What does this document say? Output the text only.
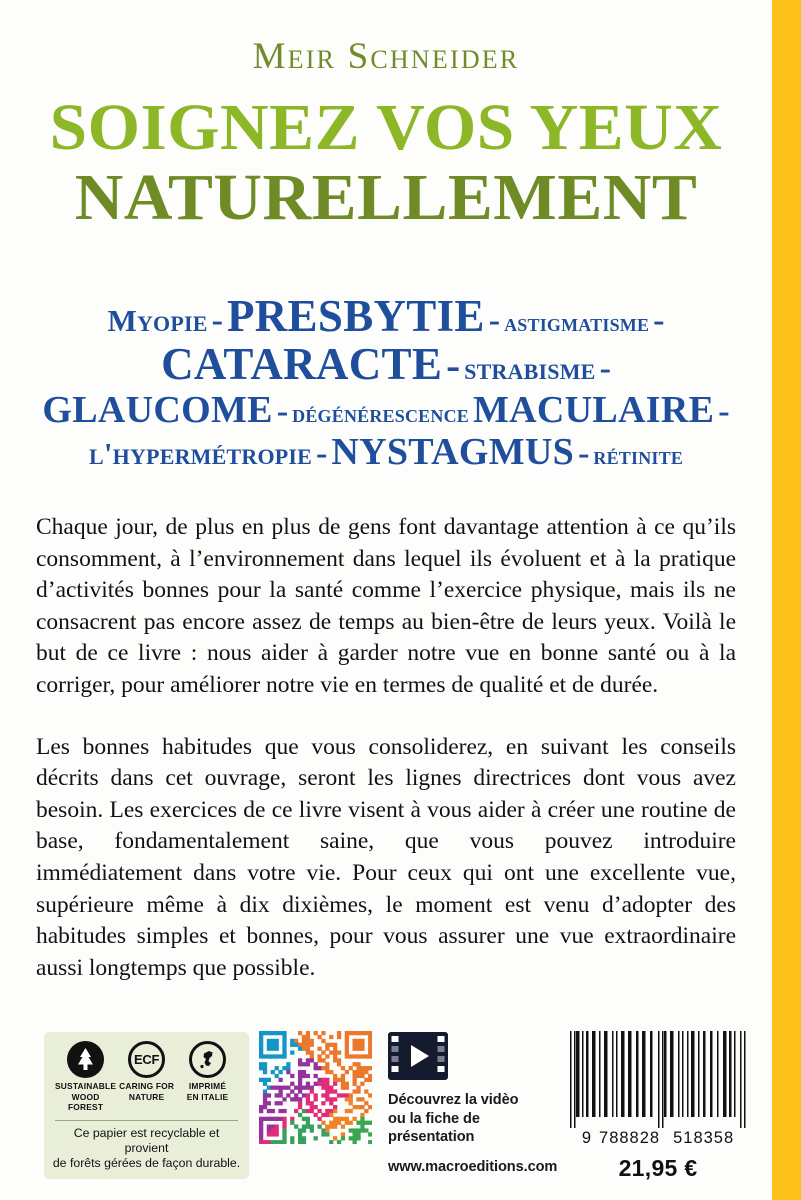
Meir Schneider
SOIGNEZ VOS YEUX
NATURELLEMENT
Myopie - PRESBYTIE - astigmatisme -
CATARACTE - strabisme -
GLAUCOME - dégénérescence MACULAIRE -
l'hypermétropie - NYSTAGMUS - rétinite

Chaque jour, de plus en plus de gens font davantage attention à ce qu’ils consomment, à l’environnement dans lequel ils évoluent et à la pratique d’activités bonnes pour la santé comme l’exercice physique, mais ils ne consacrent pas encore assez de temps au bien-être de leurs yeux. Voilà le but de ce livre : nous aider à garder notre vue en bonne santé ou à la corriger, pour améliorer notre vie en termes de qualité et de durée.

Les bonnes habitudes que vous consoliderez, en suivant les conseils décrits dans cet ouvrage, seront les lignes directrices dont vous avez besoin. Les exercices de ce livre visent à vous aider à créer une routine de base, fondamentalement saine, que vous pouvez introduire immédiatement dans votre vie. Pour ceux qui ont une excellente vue, supérieure même à dix dixièmes, le moment est venu d’adopter des habitudes simples et bonnes, pour vous assurer une vue extraordinaire aussi longtemps que possible.

SUSTAINABLE
WOOD FOREST
ECF
CARING FOR
NATURE
IMPRIMÉ
EN ITALIE
Ce papier est recyclable et provient
de forêts gérées de façon durable.
Découvrez la vidèo
ou la fiche de présentation
www.macroeditions.com
9 788828 518358
21,95 €
